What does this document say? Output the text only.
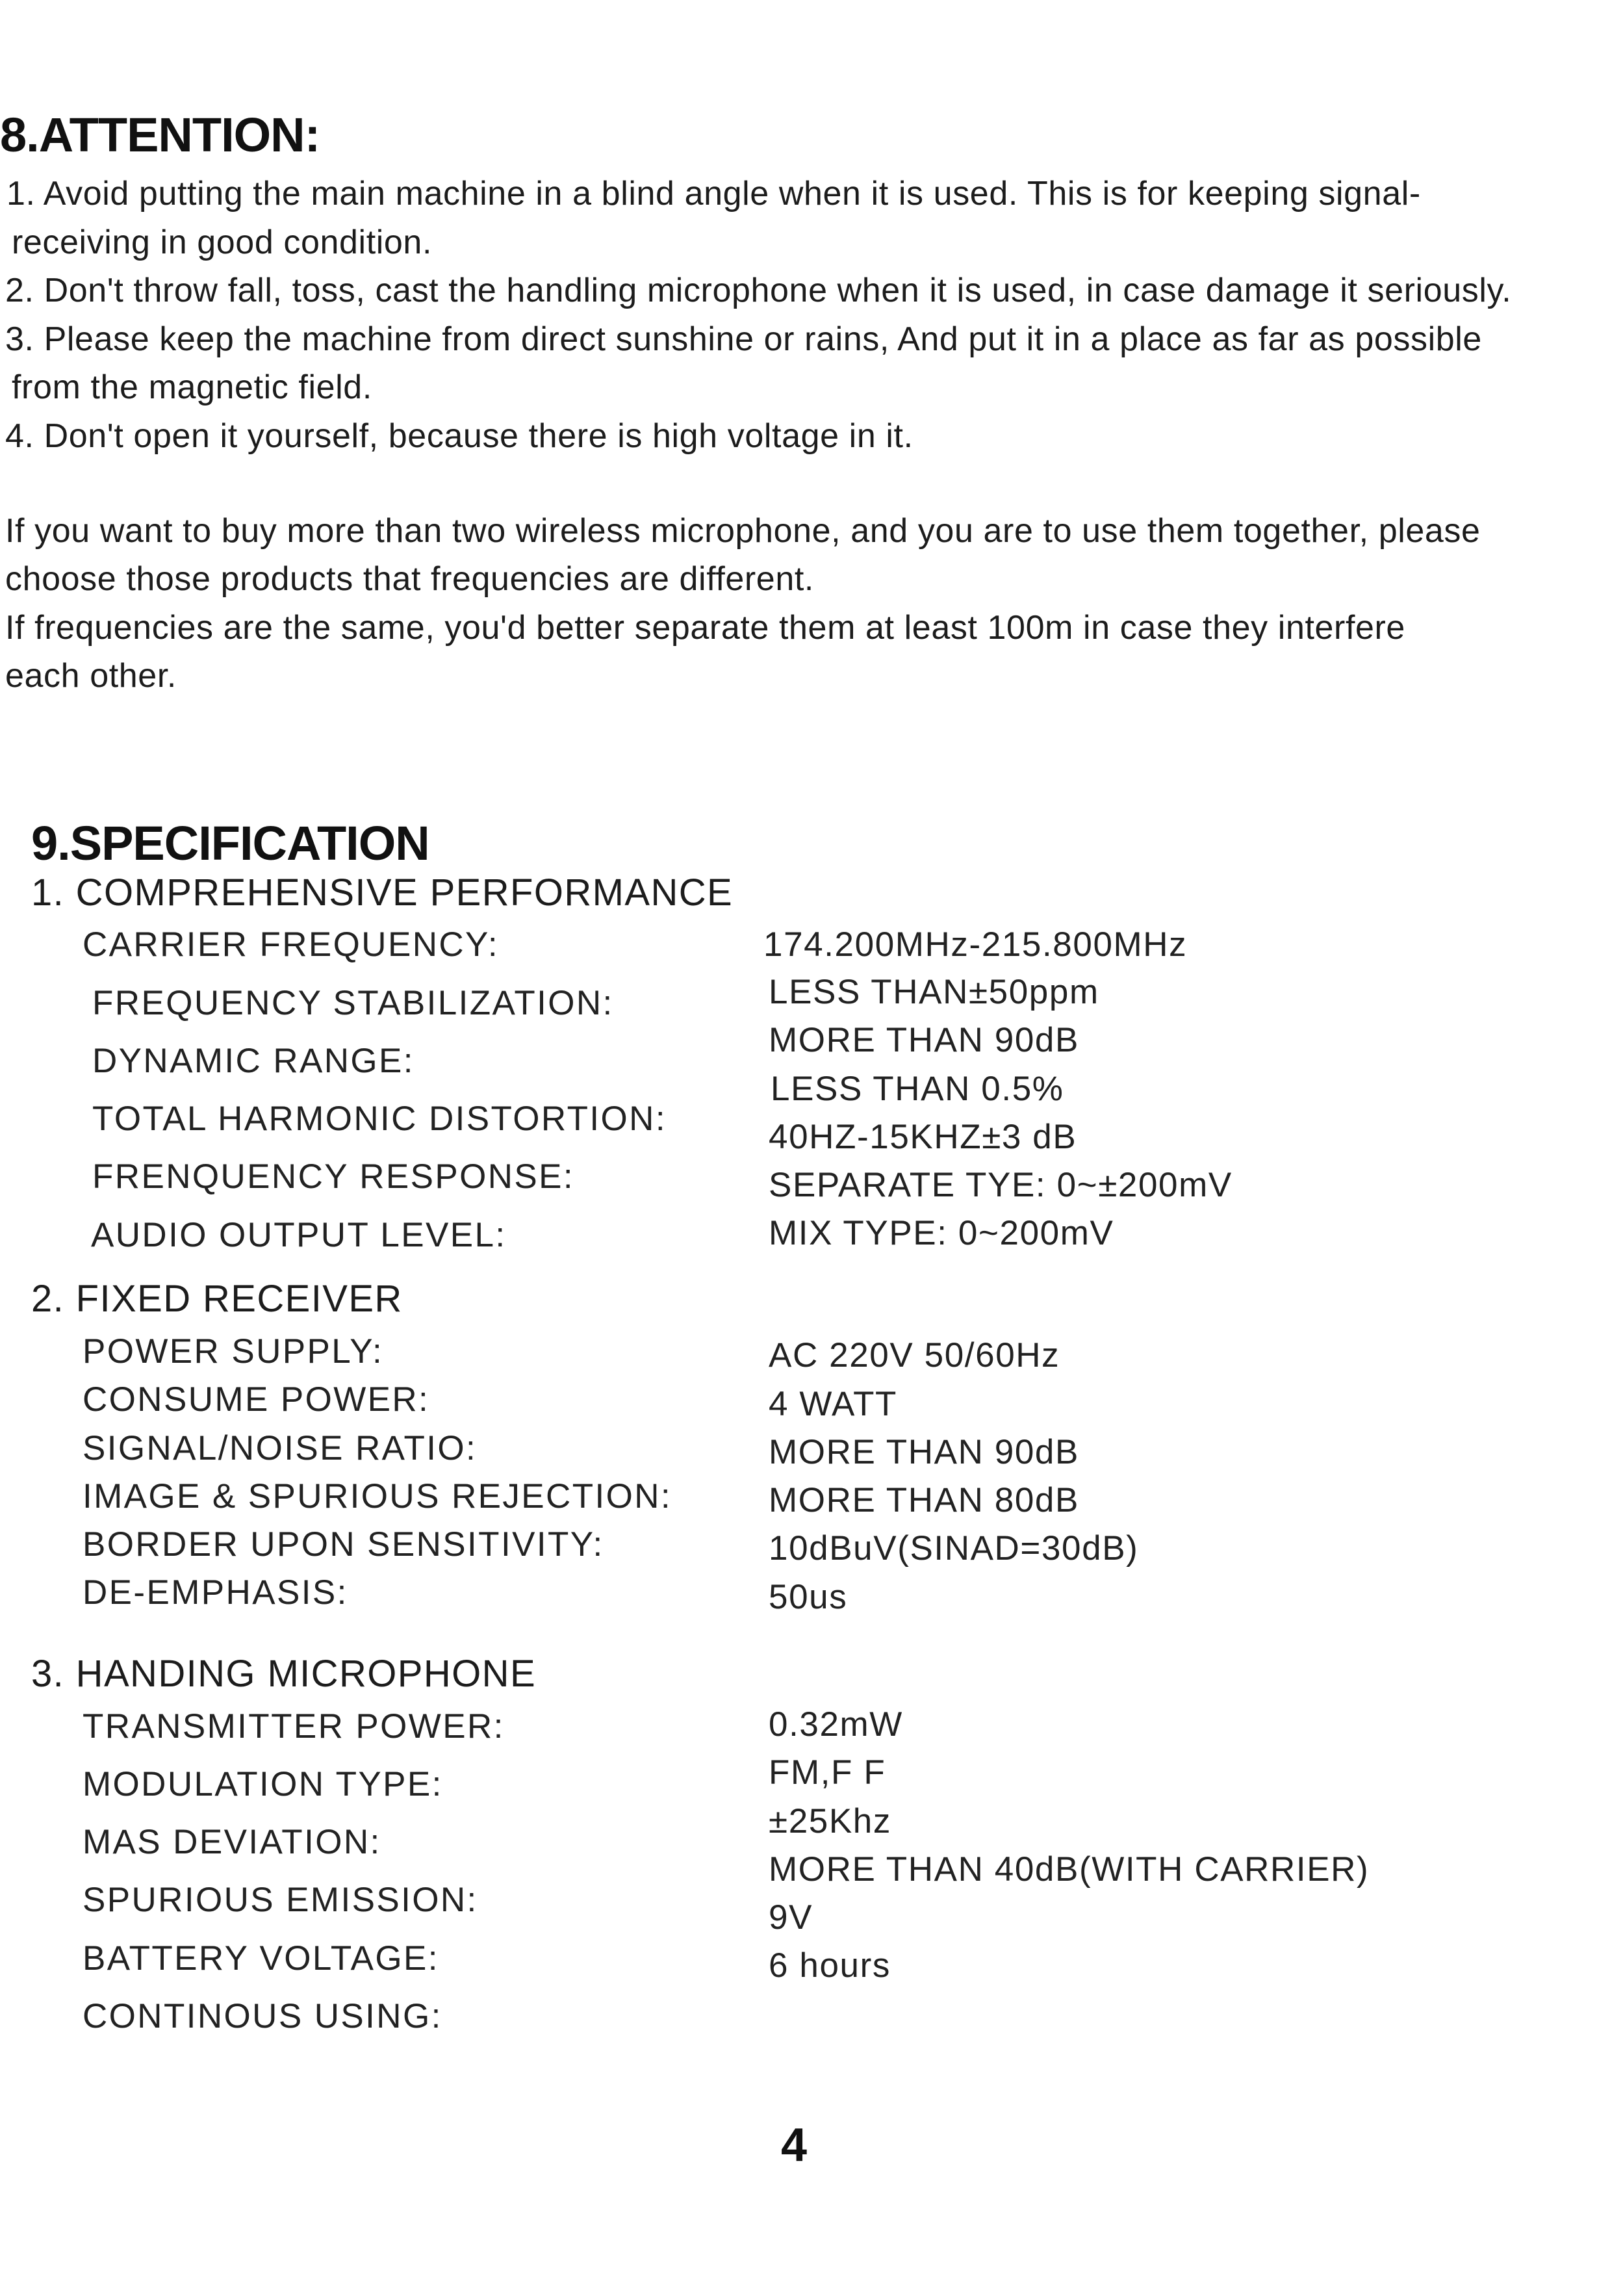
8.ATTENTION:
1. Avoid putting the main machine in a blind angle when it is used. This is for keeping signal-
receiving in good condition.
2. Don't throw fall, toss, cast the handling microphone when it is used, in case damage it seriously.
3. Please keep the machine from direct sunshine or rains, And put it in a place as far as possible
from the magnetic field.
4. Don't open it yourself, because there is high voltage in it.
If you want to buy more than two wireless microphone, and you are to use them together, please
choose those products that frequencies are different.
If frequencies are the same, you'd better separate them at least 100m in case they interfere
each other.
9.SPECIFICATION
1. COMPREHENSIVE PERFORMANCE
CARRIER FREQUENCY:
FREQUENCY STABILIZATION:
DYNAMIC RANGE:
TOTAL HARMONIC DISTORTION:
FRENQUENCY RESPONSE:
AUDIO OUTPUT LEVEL:
174.200MHz-215.800MHz
LESS THAN±50ppm
MORE THAN 90dB
LESS THAN 0.5%
40HZ-15KHZ±3 dB
SEPARATE TYE: 0~±200mV
MIX TYPE: 0~200mV
2. FIXED RECEIVER
POWER SUPPLY:
CONSUME POWER:
SIGNAL/NOISE RATIO:
IMAGE & SPURIOUS REJECTION:
BORDER UPON SENSITIVITY:
DE-EMPHASIS:
AC 220V 50/60Hz
4 WATT
MORE THAN 90dB
MORE THAN 80dB
10dBuV(SINAD=30dB)
50us
3. HANDING MICROPHONE
TRANSMITTER POWER:
MODULATION TYPE:
MAS DEVIATION:
SPURIOUS EMISSION:
BATTERY VOLTAGE:
CONTINOUS USING:
0.32mW
FM,F F
±25Khz
MORE THAN 40dB(WITH CARRIER)
9V
6 hours
4
